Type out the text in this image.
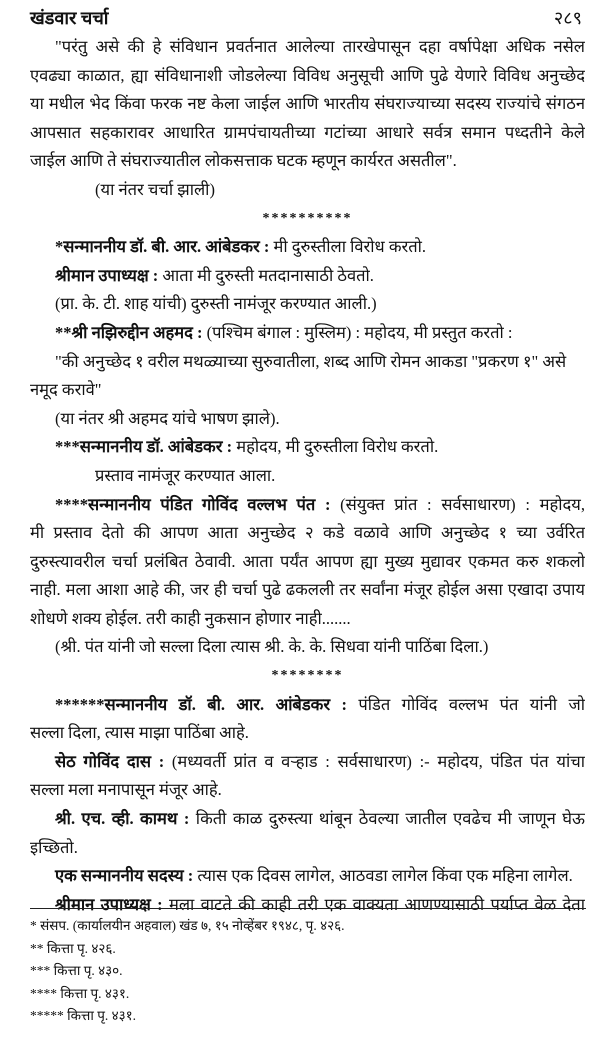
खंडवार चर्चा	२८९
"परंतु असे की हे संविधान प्रवर्तनात आलेल्या तारखेपासून दहा वर्षापेक्षा अधिक नसेल
एवढ्या काळात, ह्या संविधानाशी जोडलेल्या विविध अनुसूची आणि पुढे येणारे विविध अनुच्छेद
या मधील भेद किंवा फरक नष्ट केला जाईल आणि भारतीय संघराज्याच्या सदस्य राज्यांचे संगठन
आपसात सहकारावर आधारित ग्रामपंचायतीच्या गटांच्या आधारे सर्वत्र समान पध्दतीने केले
जाईल आणि ते संघराज्यातील लोकसत्ताक घटक म्हणून कार्यरत असतील".
(या नंतर चर्चा झाली)
**********
*सन्माननीय डॉ. बी. आर. आंबेडकर : मी दुरुस्तीला विरोध करतो.
श्रीमान उपाध्यक्ष : आता मी दुरुस्ती मतदानासाठी ठेवतो.
(प्रा. के. टी. शाह यांची) दुरुस्ती नामंजूर करण्यात आली.)
**श्री नझिरुद्दीन अहमद : (पश्चिम बंगाल : मुस्लिम) : महोदय, मी प्रस्तुत करतो :
"की अनुच्छेद १ वरील मथळ्याच्या सुरुवातीला, शब्द आणि रोमन आकडा "प्रकरण १" असे
नमूद करावे"
(या नंतर श्री अहमद यांचे भाषण झाले).
***सन्माननीय डॉ. आंबेडकर : महोदय, मी दुरुस्तीला विरोध करतो.
प्रस्ताव नामंजूर करण्यात आला.
****सन्माननीय पंडित गोविंद वल्लभ पंत : (संयुक्त प्रांत : सर्वसाधारण) : महोदय,
मी प्रस्ताव देतो की आपण आता अनुच्छेद २ कडे वळावे आणि अनुच्छेद १ च्या उर्वरित
दुरुस्त्यावरील चर्चा प्रलंबित ठेवावी. आता पर्यंत आपण ह्या मुख्य मुद्यावर एकमत करु शकलो
नाही. मला आशा आहे की, जर ही चर्चा पुढे ढकलली तर सर्वांना मंजूर होईल असा एखादा उपाय
शोधणे शक्य होईल. तरी काही नुकसान होणार नाही.......
(श्री. पंत यांनी जो सल्ला दिला त्यास श्री. के. के. सिधवा यांनी पाठिंबा दिला.)
********
******सन्माननीय डॉ. बी. आर. आंबेडकर : पंडित गोविंद वल्लभ पंत यांनी जो
सल्ला दिला, त्यास माझा पाठिंबा आहे.
सेठ गोविंद दास : (मध्यवर्ती प्रांत व वऱ्हाड : सर्वसाधारण) :- महोदय, पंडित पंत यांचा
सल्ला मला मनापासून मंजूर आहे.
श्री. एच. व्ही. कामथ : किती काळ दुरुस्त्या थांबून ठेवल्या जातील एवढेच मी जाणून घेऊ
इच्छितो.
एक सन्माननीय सदस्य : त्यास एक दिवस लागेल, आठवडा लागेल किंवा एक महिना लागेल.
श्रीमान उपाध्यक्ष : मला वाटते की काही तरी एक वाक्यता आणण्यासाठी पर्याप्त वेळ देता
* संसप. (कार्यालयीन अहवाल) खंड ७, १५ नोव्हेंबर १९४८, पृ. ४२६.
** कित्ता पृ. ४२६.
*** कित्ता पृ. ४३०.
**** कित्ता पृ. ४३१.
***** कित्ता पृ. ४३१.
